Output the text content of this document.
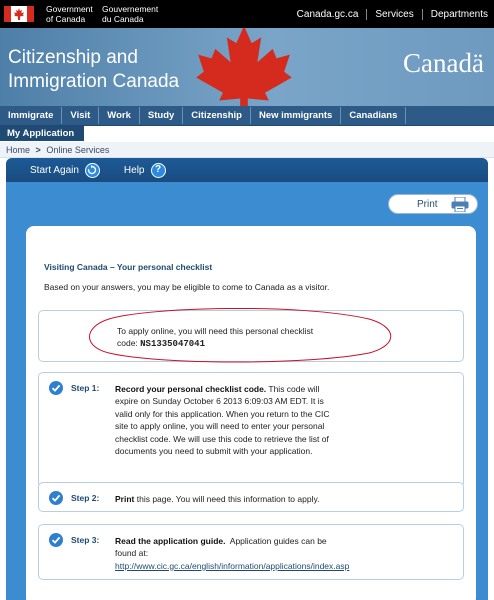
Government
of Canada
Gouvernement
du Canada	Canada.gc.ca Services Departments
Citizenship and
Immigration Canada
Canadä
Immigrate	Visit	Work	Study	Citizenship	New immigrants	Canadians
My Application
Home > Online Services
Start Again	Help	?
Print
Visiting Canada – Your personal checklist
Based on your answers, you may be eligible to come to Canada as a visitor.
To apply online, you will need this personal checklist
code: NS1335047041
Step 1: Record your personal checklist code. This code will
expire on Sunday October 6 2013 6:09:03 AM EDT. It is
valid only for this application. When you return to the CIC
site to apply online, you will need to enter your personal
checklist code. We will use this code to retrieve the list of
documents you need to submit with your application.
Step 2: Print this page. You will need this information to apply.
Step 3: Read the application guide.  Application guides can be
found at:
http://www.cic.gc.ca/english/information/applications/index.asp
